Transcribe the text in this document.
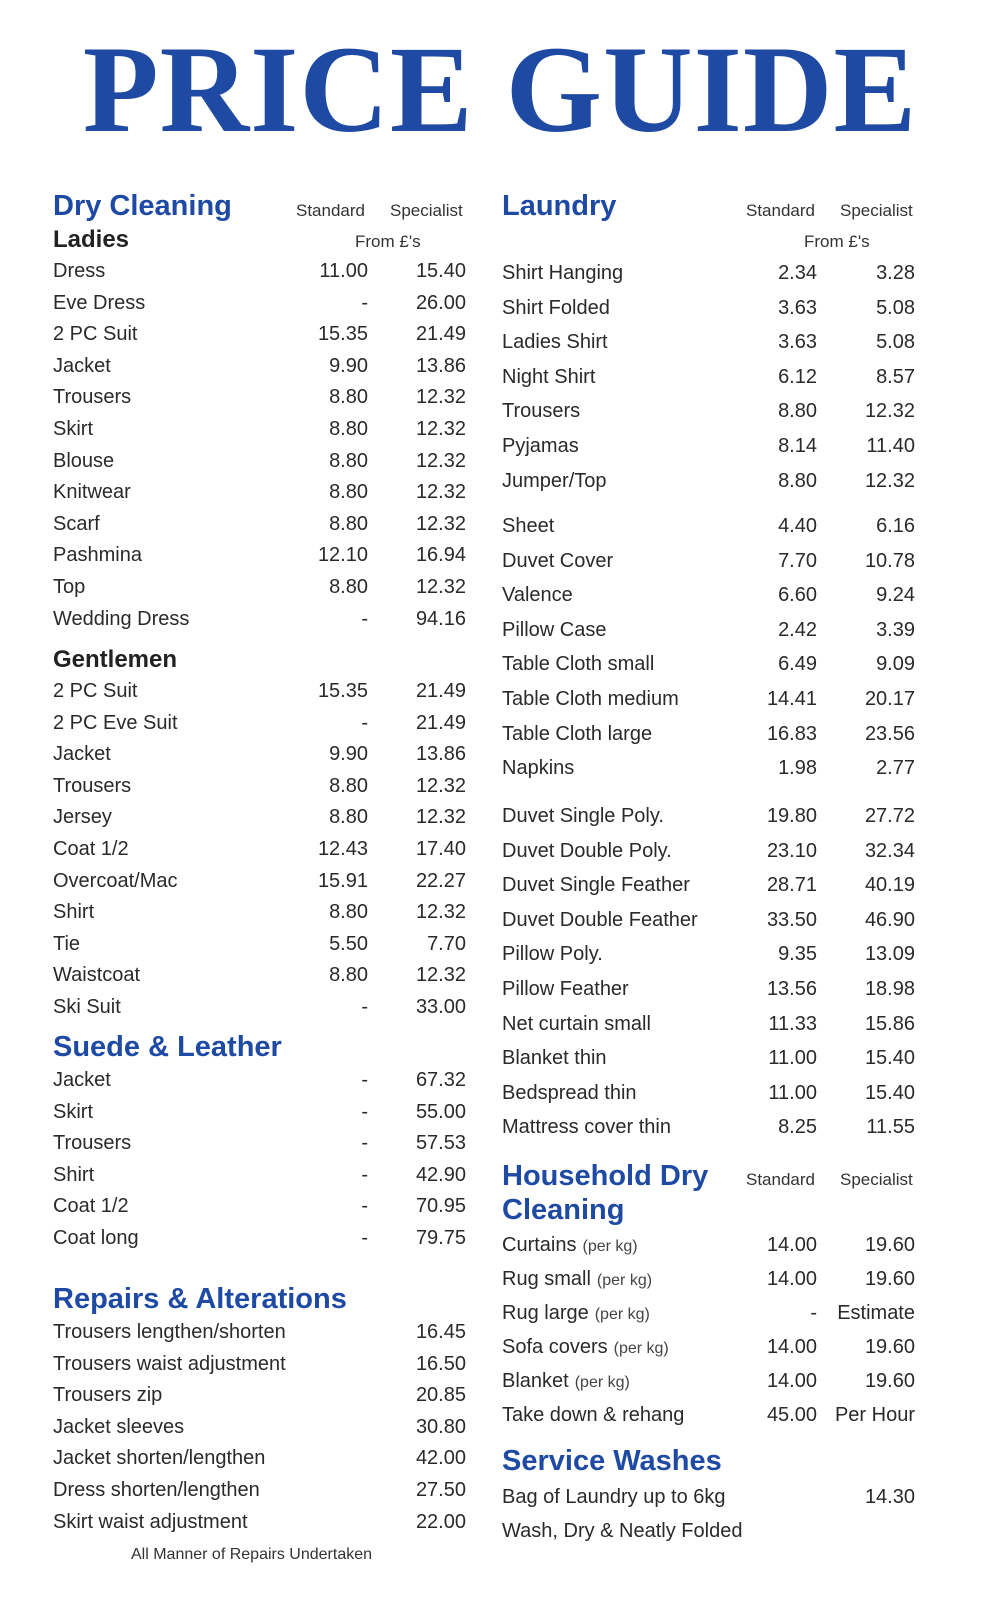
PRICE GUIDE
Dry Cleaning	Standard Specialist
Ladies	From £'s
Dress	11.00 15.40
Eve Dress	- 26.00
2 PC Suit	15.35 21.49
Jacket	9.90 13.86
Trousers	8.80 12.32
Skirt	8.80 12.32
Blouse	8.80 12.32
Knitwear	8.80 12.32
Scarf	8.80 12.32
Pashmina	12.10 16.94
Top	8.80 12.32
Wedding Dress	- 94.16
Gentlemen
2 PC Suit	15.35 21.49
2 PC Eve Suit	- 21.49
Jacket	9.90 13.86
Trousers	8.80 12.32
Jersey	8.80 12.32
Coat 1/2	12.43 17.40
Overcoat/Mac	15.91 22.27
Shirt	8.80 12.32
Tie	5.50	7.70
Waistcoat	8.80 12.32
Ski Suit	- 33.00
Suede & Leather
Jacket	- 67.32
Skirt	- 55.00
Trousers	- 57.53
Shirt	- 42.90
Coat 1/2	- 70.95
Coat long	- 79.75
Repairs & Alterations
Trousers lengthen/shorten	16.45
Trousers waist adjustment	16.50
Trousers zip	20.85
Jacket sleeves	30.80
Jacket shorten/lengthen	42.00
Dress shorten/lengthen	27.50
Skirt waist adjustment	22.00
All Manner of Repairs Undertaken
Laundry	Standard Specialist
From £'s
Shirt Hanging	2.34	3.28
Shirt Folded	3.63	5.08
Ladies Shirt	3.63	5.08
Night Shirt	6.12	8.57
Trousers	8.80 12.32
Pyjamas	8.14 11.40
Jumper/Top	8.80 12.32
Sheet	4.40	6.16
Duvet Cover	7.70 10.78
Valence	6.60	9.24
Pillow Case	2.42	3.39
Table Cloth small	6.49	9.09
Table Cloth medium	14.41 20.17
Table Cloth large	16.83 23.56
Napkins	1.98	2.77
Duvet Single Poly.	19.80 27.72
Duvet Double Poly.	23.10 32.34
Duvet Single Feather	28.71 40.19
Duvet Double Feather	33.50 46.90
Pillow Poly.	9.35 13.09
Pillow Feather	13.56 18.98
Net curtain small	11.33 15.86
Blanket thin	11.00 15.40
Bedspread thin	11.00 15.40
Mattress cover thin	8.25 11.55
Household Dry
Cleaning
Standard Specialist
Curtains (per kg)	14.00 19.60
Rug small (per kg)	14.00 19.60
Rug large (per kg)	- Estimate
Sofa covers (per kg)	14.00 19.60
Blanket (per kg)	14.00 19.60
Take down & rehang	45.00 Per Hour
Service Washes
Bag of Laundry up to 6kg	14.30
Wash, Dry & Neatly Folded
